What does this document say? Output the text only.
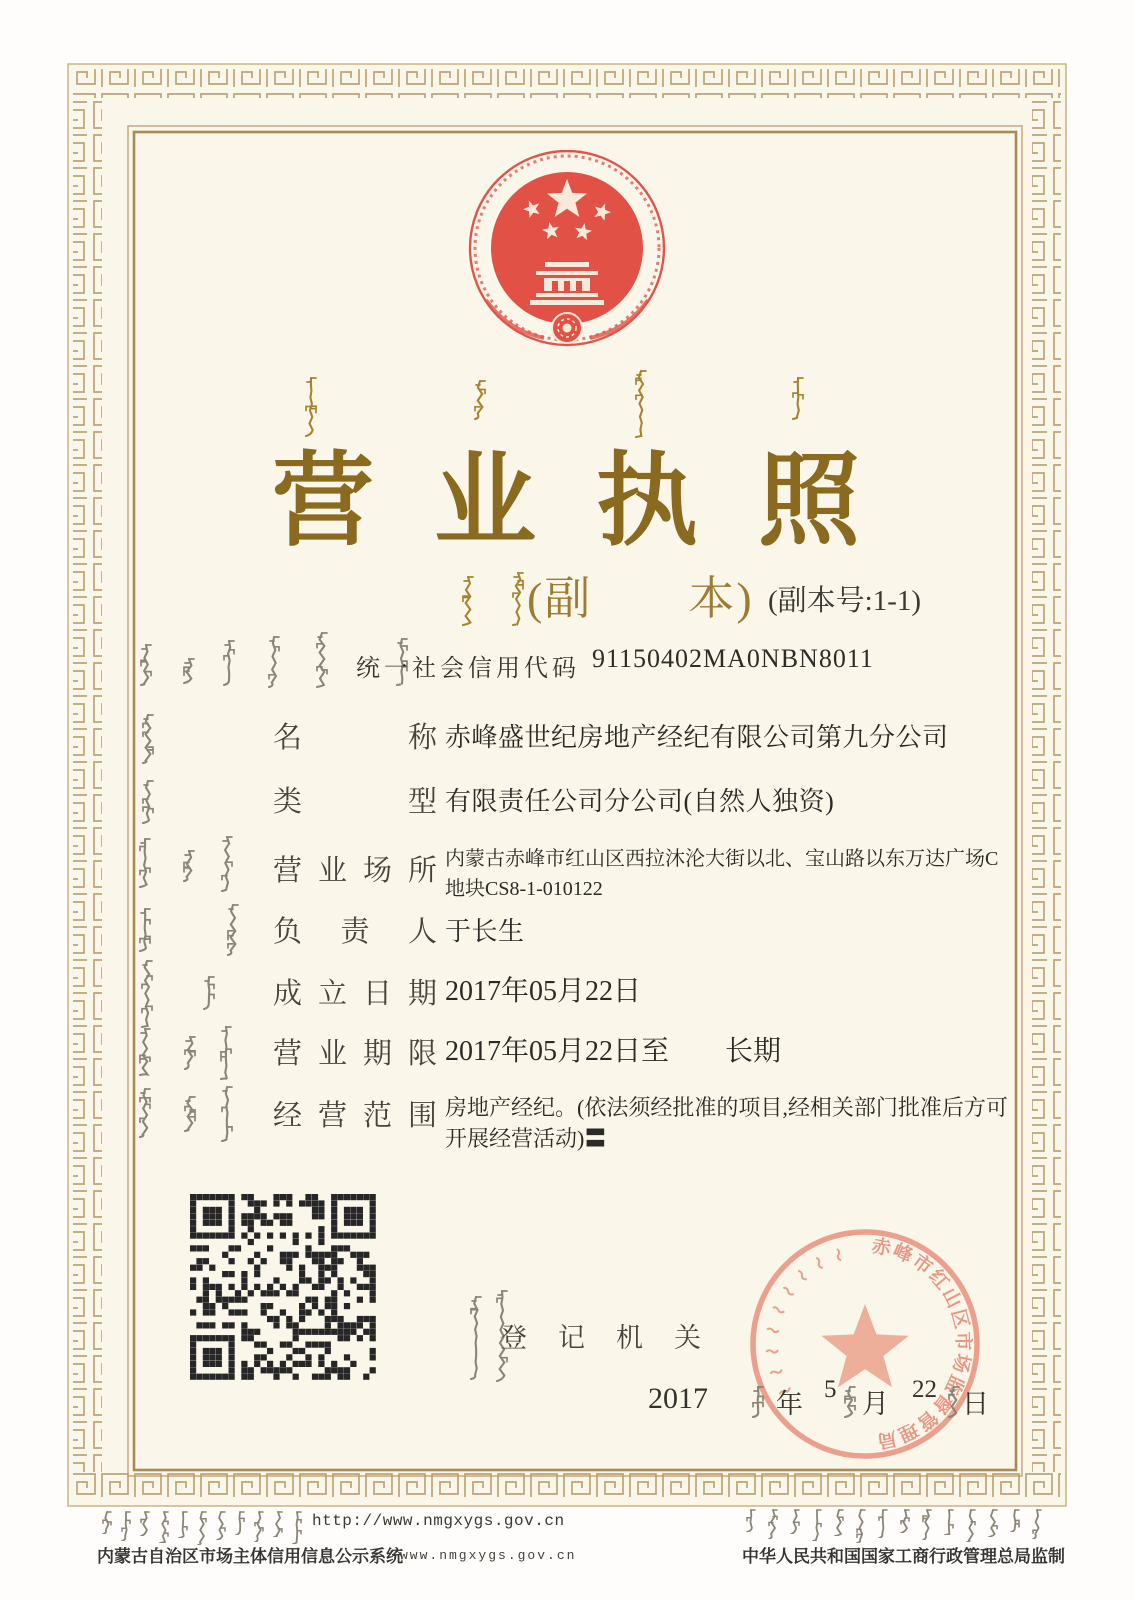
营业执照
(副　　本) (副本号:1-1)
统一社会信用代码 91150402MA0NBN8011
名称 赤峰盛世纪房地产经纪有限公司第九分公司
类型 有限责任公司分公司(自然人独资)
营业场所 内蒙古赤峰市红山区西拉沐沦大街以北、宝山路以东万达广场C地块CS8-1-010122
负责人 于长生
成立日期 2017年05月22日
营业期限 2017年05月22日至　　长期
经营范围 房地产经纪。(依法须经批准的项目,经相关部门批准后方可开展经营活动)〓
登记机关
赤峰市红山区市场监督管理局
2017	年 5 月 22 日
http://www.nmgxygs.gov.cn
内蒙古自治区市场主体信用信息公示系统
www.nmgxygs.gov.cn	中华人民共和国国家工商行政管理总局监制
